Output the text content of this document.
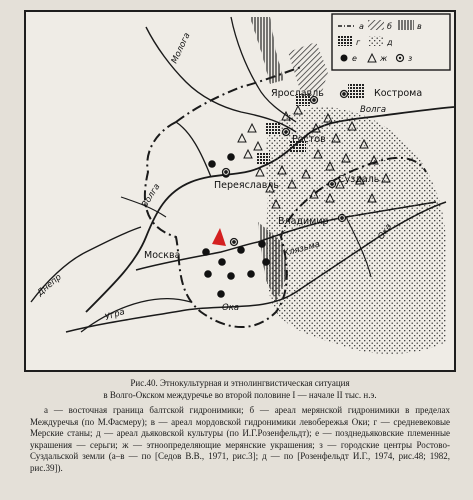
Ярославль	Кострома
Ростов
Переяславль
Суздаль
Владимир
Москва
Молога
Волга
Волга
Клязьма
Ока
Ока
Днепр
Угра
а	б	в
г	д
е	ж	з
Рис.40. Этнокультурная и этнолингвистическая ситуация
в Волго-Окском междуречье во второй половине I — начале II тыс. н.э.
а — восточная граница балтской гидронимики; б — ареал мерянской гидронимики в пределах Междуречья (по М.Фасмеру); в — ареал мордовской гидронимики левобережья Оки; г — средневековые Мерские станы; д — ареал дьяковской культуры (по И.Г.Розенфельдт); е — позднедьяковские племенные украшения — серьги; ж — этноопределяющие мерянские украшения; з — городские центры Ростово-Суздальской земли (а–в — по [Седов В.В., 1971, рис.3]; д — по [Розенфельдт И.Г., 1974, рис.48; 1982, рис.39]).
